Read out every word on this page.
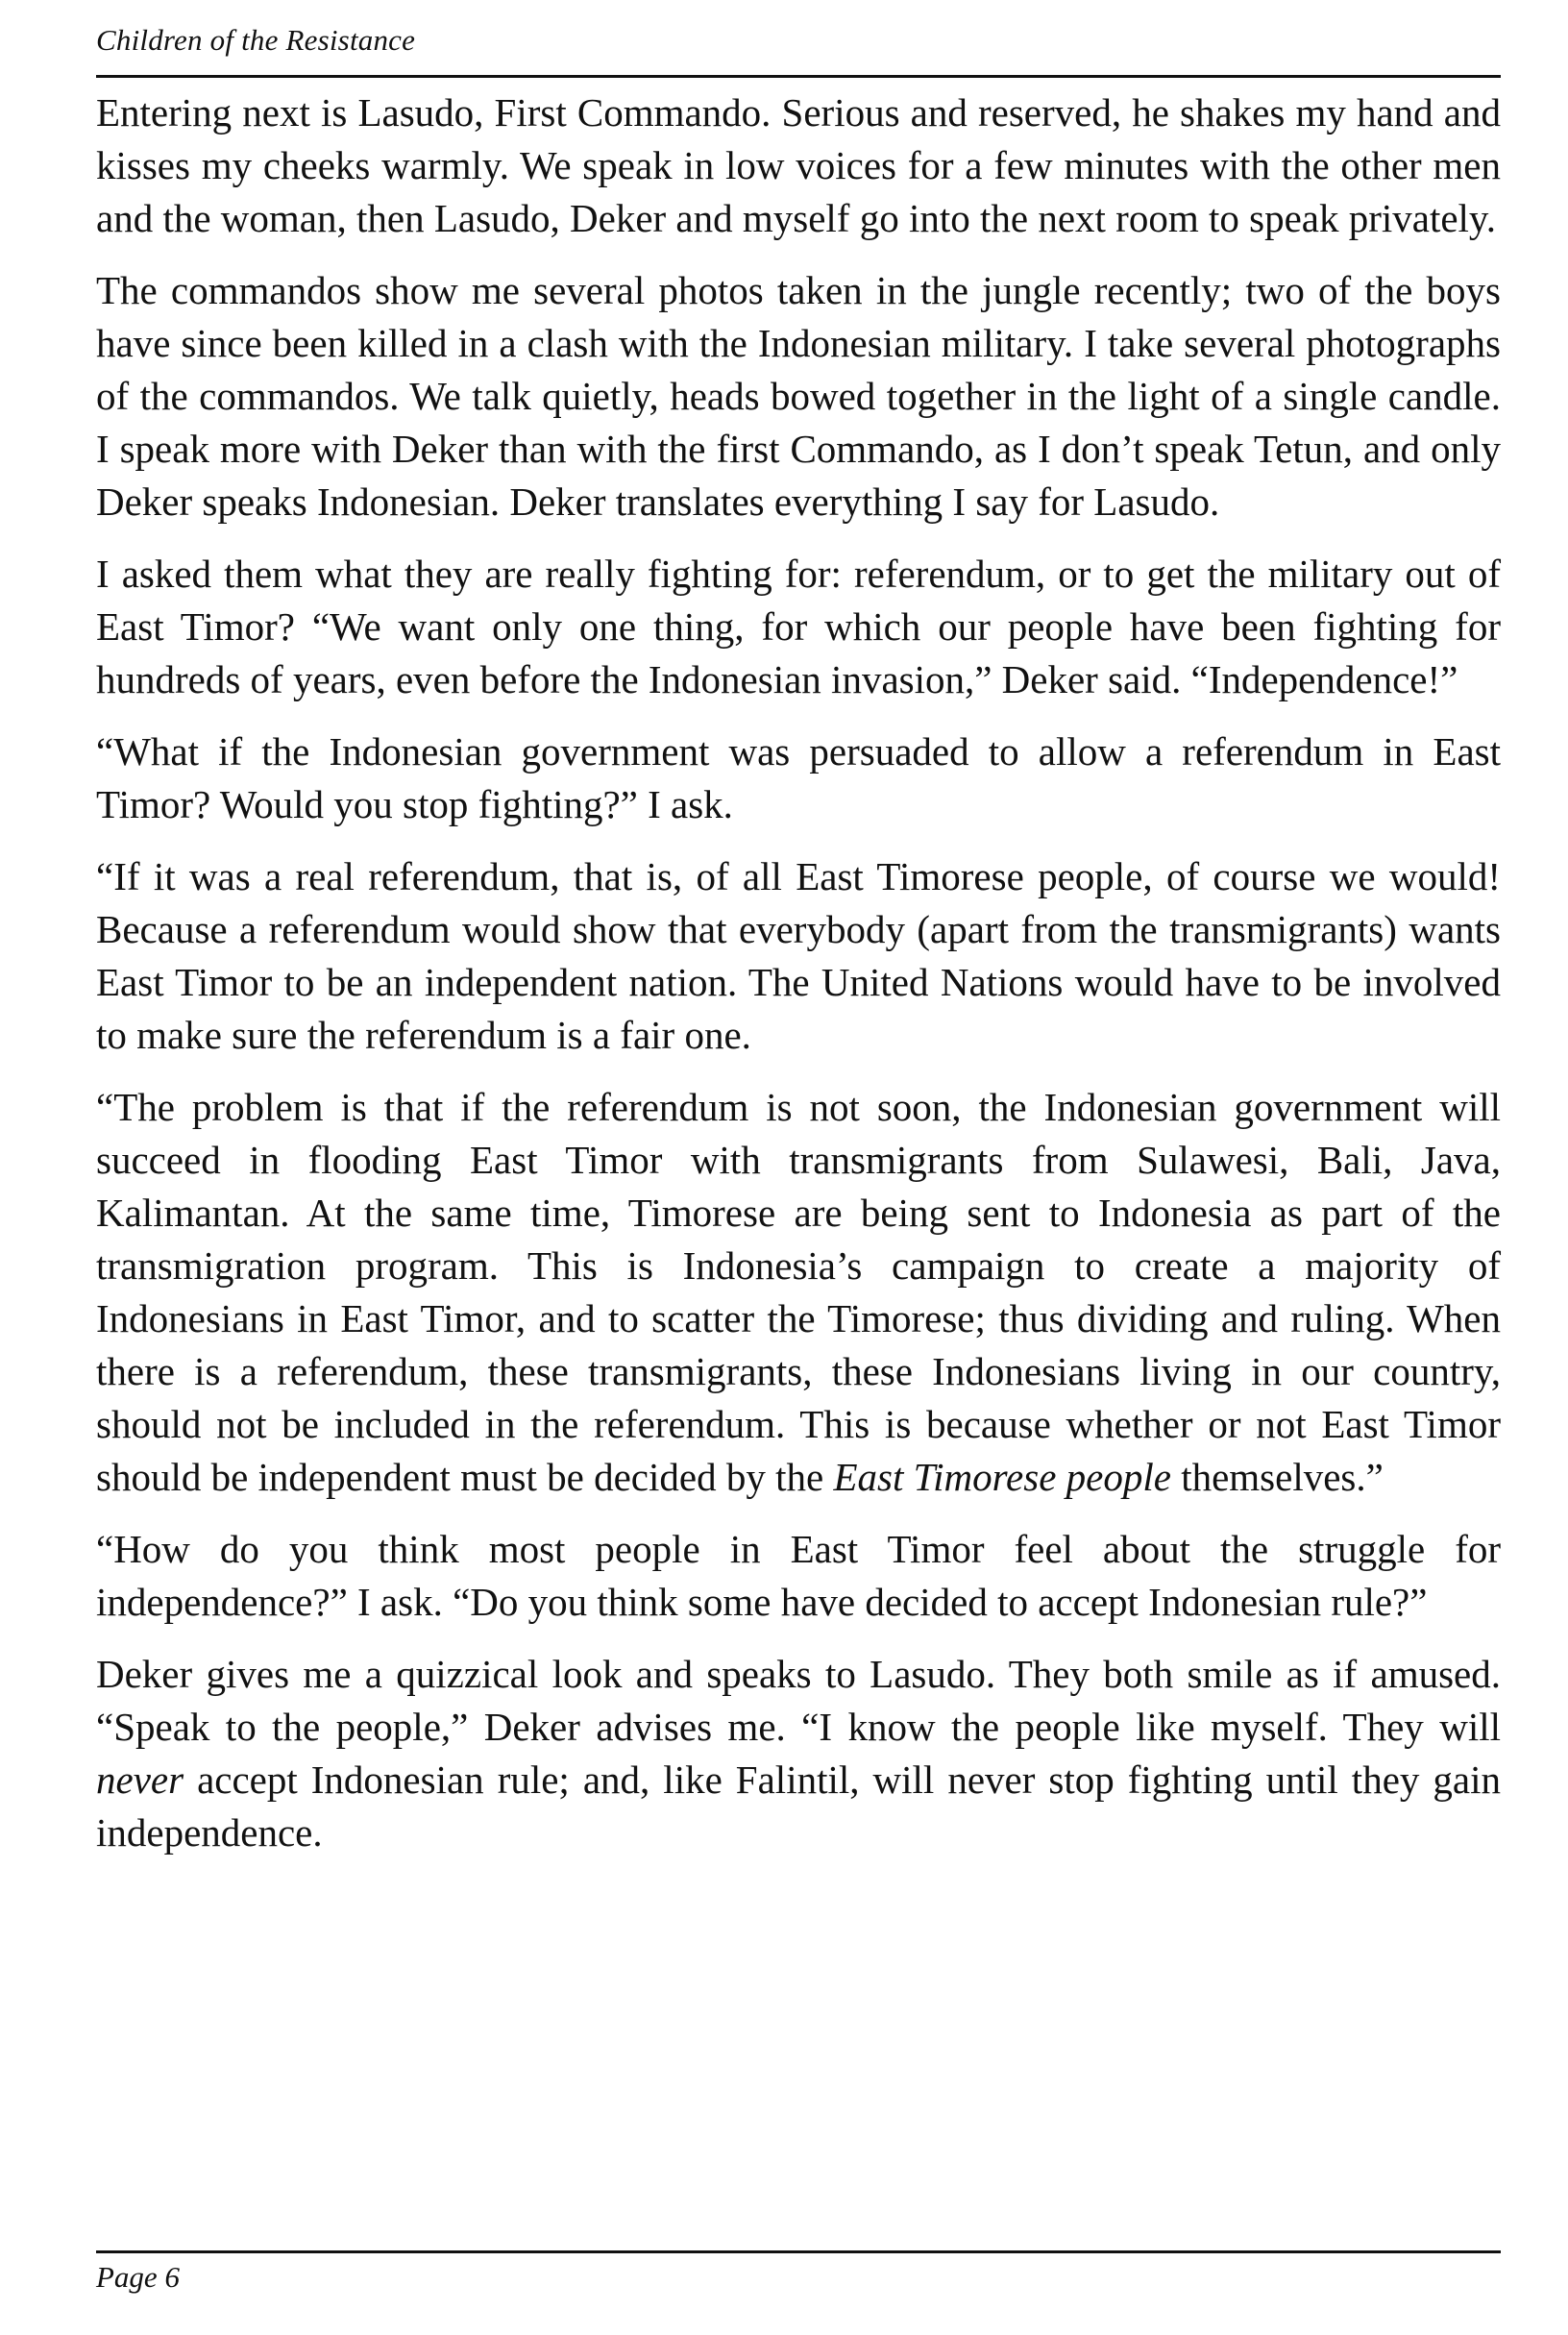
Children of the Resistance

Entering next is Lasudo, First Commando. Serious and reserved, he shakes my hand and kisses my cheeks warmly. We speak in low voices for a few minutes with the other men and the woman, then Lasudo, Deker and myself go into the next room to speak privately.

The commandos show me several photos taken in the jungle recently; two of the boys have since been killed in a clash with the Indonesian military. I take several photographs of the commandos. We talk quietly, heads bowed together in the light of a single candle. I speak more with Deker than with the first Commando, as I don’t speak Tetun, and only Deker speaks Indonesian. Deker translates everything I say for Lasudo.

I asked them what they are really fighting for: referendum, or to get the military out of East Timor? “We want only one thing, for which our people have been fighting for hundreds of years, even before the Indonesian invasion,” Deker said. “Independence!”

“What if the Indonesian government was persuaded to allow a referendum in East Timor? Would you stop fighting?” I ask.

“If it was a real referendum, that is, of all East Timorese people, of course we would! Because a referendum would show that everybody (apart from the transmigrants) wants East Timor to be an independent nation. The United Nations would have to be involved to make sure the referendum is a fair one.

“The problem is that if the referendum is not soon, the Indonesian government will succeed in flooding East Timor with transmigrants from Sulawesi, Bali, Java, Kalimantan. At the same time, Timorese are being sent to Indonesia as part of the transmigration program. This is Indonesia’s campaign to create a majority of Indonesians in East Timor, and to scatter the Timorese; thus dividing and ruling. When there is a referendum, these transmigrants, these Indonesians living in our country, should not be included in the referendum. This is because whether or not East Timor should be independent must be decided by the East Timorese people themselves.”

“How do you think most people in East Timor feel about the struggle for independence?” I ask. “Do you think some have decided to accept Indonesian rule?”

Deker gives me a quizzical look and speaks to Lasudo. They both smile as if amused. “Speak to the people,” Deker advises me. “I know the people like myself. They will never accept Indonesian rule; and, like Falintil, will never stop fighting until they gain independence.

Page 6
